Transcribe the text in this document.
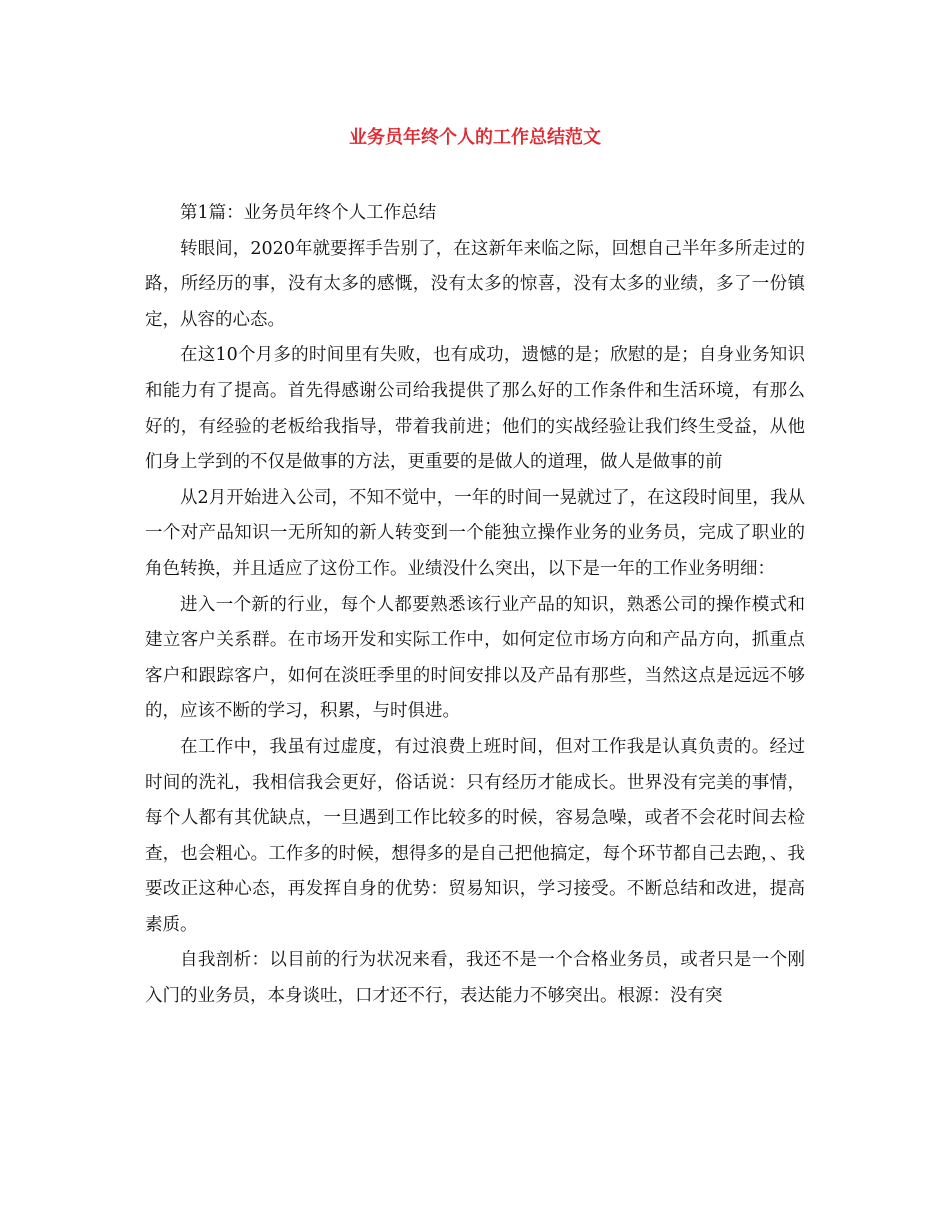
业务员年终个人的工作总结范文

第1篇：业务员年终个人工作总结

转眼间，2020年就要挥手告别了，在这新年来临之际，回想自己半年多所走过的路，所经历的事，没有太多的感慨，没有太多的惊喜，没有太多的业绩，多了一份镇定，从容的心态。

在这10个月多的时间里有失败，也有成功，遗憾的是；欣慰的是；自身业务知识和能力有了提高。首先得感谢公司给我提供了那么好的工作条件和生活环境，有那么好的，有经验的老板给我指导，带着我前进；他们的实战经验让我们终生受益，从他们身上学到的不仅是做事的方法，更重要的是做人的道理，做人是做事的前

从2月开始进入公司，不知不觉中，一年的时间一晃就过了，在这段时间里，我从一个对产品知识一无所知的新人转变到一个能独立操作业务的业务员，完成了职业的角色转换，并且适应了这份工作。业绩没什么突出，以下是一年的工作业务明细：

进入一个新的行业，每个人都要熟悉该行业产品的知识，熟悉公司的操作模式和建立客户关系群。在市场开发和实际工作中，如何定位市场方向和产品方向，抓重点客户和跟踪客户，如何在淡旺季里的时间安排以及产品有那些，当然这点是远远不够的，应该不断的学习，积累，与时俱进。

在工作中，我虽有过虚度，有过浪费上班时间，但对工作我是认真负责的。经过时间的洗礼，我相信我会更好，俗话说：只有经历才能成长。世界没有完美的事情，每个人都有其优缺点，一旦遇到工作比较多的时候，容易急噪，或者不会花时间去检查，也会粗心。工作多的时候，想得多的是自己把他搞定，每个环节都自己去跑，、我要改正这种心态，再发挥自身的优势：贸易知识，学习接受。不断总结和改进，提高素质。

自我剖析：以目前的行为状况来看，我还不是一个合格业务员，或者只是一个刚入门的业务员，本身谈吐，口才还不行，表达能力不够突出。根源：没有突
